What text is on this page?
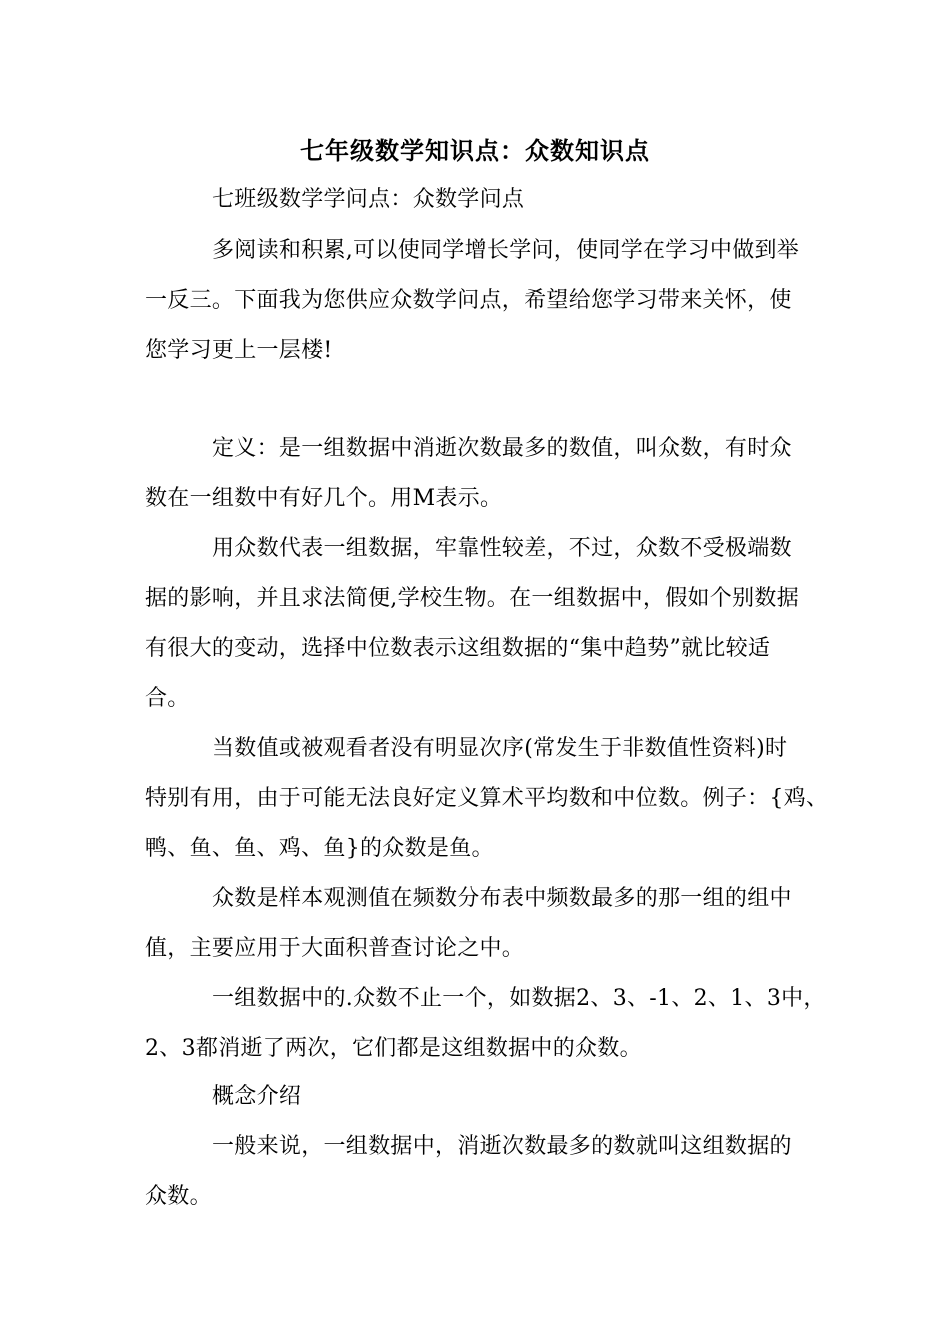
七年级数学知识点：众数知识点
七班级数学学问点：众数学问点
多阅读和积累,可以使同学增长学问，使同学在学习中做到举
一反三。下面我为您供应众数学问点，希望给您学习带来关怀，使
您学习更上一层楼!
定义：是一组数据中消逝次数最多的数值，叫众数，有时众
数在一组数中有好几个。用M表示。
用众数代表一组数据，牢靠性较差，不过，众数不受极端数
据的影响，并且求法简便,学校生物。在一组数据中，假如个别数据
有很大的变动，选择中位数表示这组数据的“集中趋势”就比较适
合。
当数值或被观看者没有明显次序(常发生于非数值性资料)时
特别有用，由于可能无法良好定义算术平均数和中位数。例子：{鸡、
鸭、鱼、鱼、鸡、鱼}的众数是鱼。
众数是样本观测值在频数分布表中频数最多的那一组的组中
值，主要应用于大面积普查讨论之中。
一组数据中的.众数不止一个，如数据2、3、-1、2、1、3中，
2、3都消逝了两次，它们都是这组数据中的众数。
概念介绍
一般来说，一组数据中，消逝次数最多的数就叫这组数据的
众数。
